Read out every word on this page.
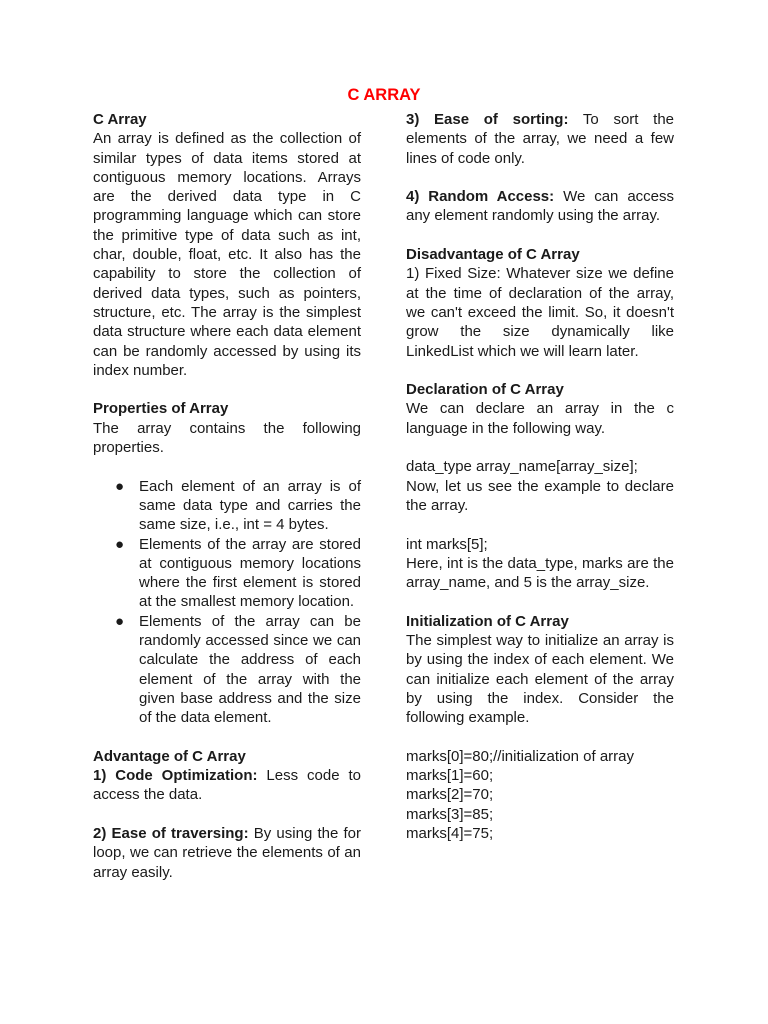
C ARRAY
C Array

An array is defined as the collection of similar types of data items stored at contiguous memory locations. Arrays are the derived data type in C programming language which can store the primitive type of data such as int, char, double, float, etc. It also has the capability to store the collection of derived data types, such as pointers, structure, etc. The array is the simplest data structure where each data element can be randomly accessed by using its index number.

Properties of Array

The array contains the following properties.

● Each element of an array is of same data type and carries the same size, i.e., int = 4 bytes.
● Elements of the array are stored at contiguous memory locations where the first element is stored at the smallest memory location.
● Elements of the array can be randomly accessed since we can calculate the address of each element of the array with the given base address and the size of the data element.
Advantage of C Array

1) Code Optimization: Less code to access the data.

2) Ease of traversing: By using the for loop, we can retrieve the elements of an array easily.

3) Ease of sorting: To sort the elements of the array, we need a few lines of code only.

4) Random Access: We can access any element randomly using the array.

Disadvantage of C Array

1) Fixed Size: Whatever size we define at the time of declaration of the array, we can't exceed the limit. So, it doesn't grow the size dynamically like LinkedList which we will learn later.

Declaration of C Array

We can declare an array in the c language in the following way.

data_type array_name[array_size];

Now, let us see the example to declare the array.

int marks[5];

Here, int is the data_type, marks are the array_name, and 5 is the array_size.

Initialization of C Array

The simplest way to initialize an array is by using the index of each element. We can initialize each element of the array by using the index. Consider the following example.

marks[0]=80;//initialization of array

marks[1]=60;

marks[2]=70;

marks[3]=85;

marks[4]=75;
